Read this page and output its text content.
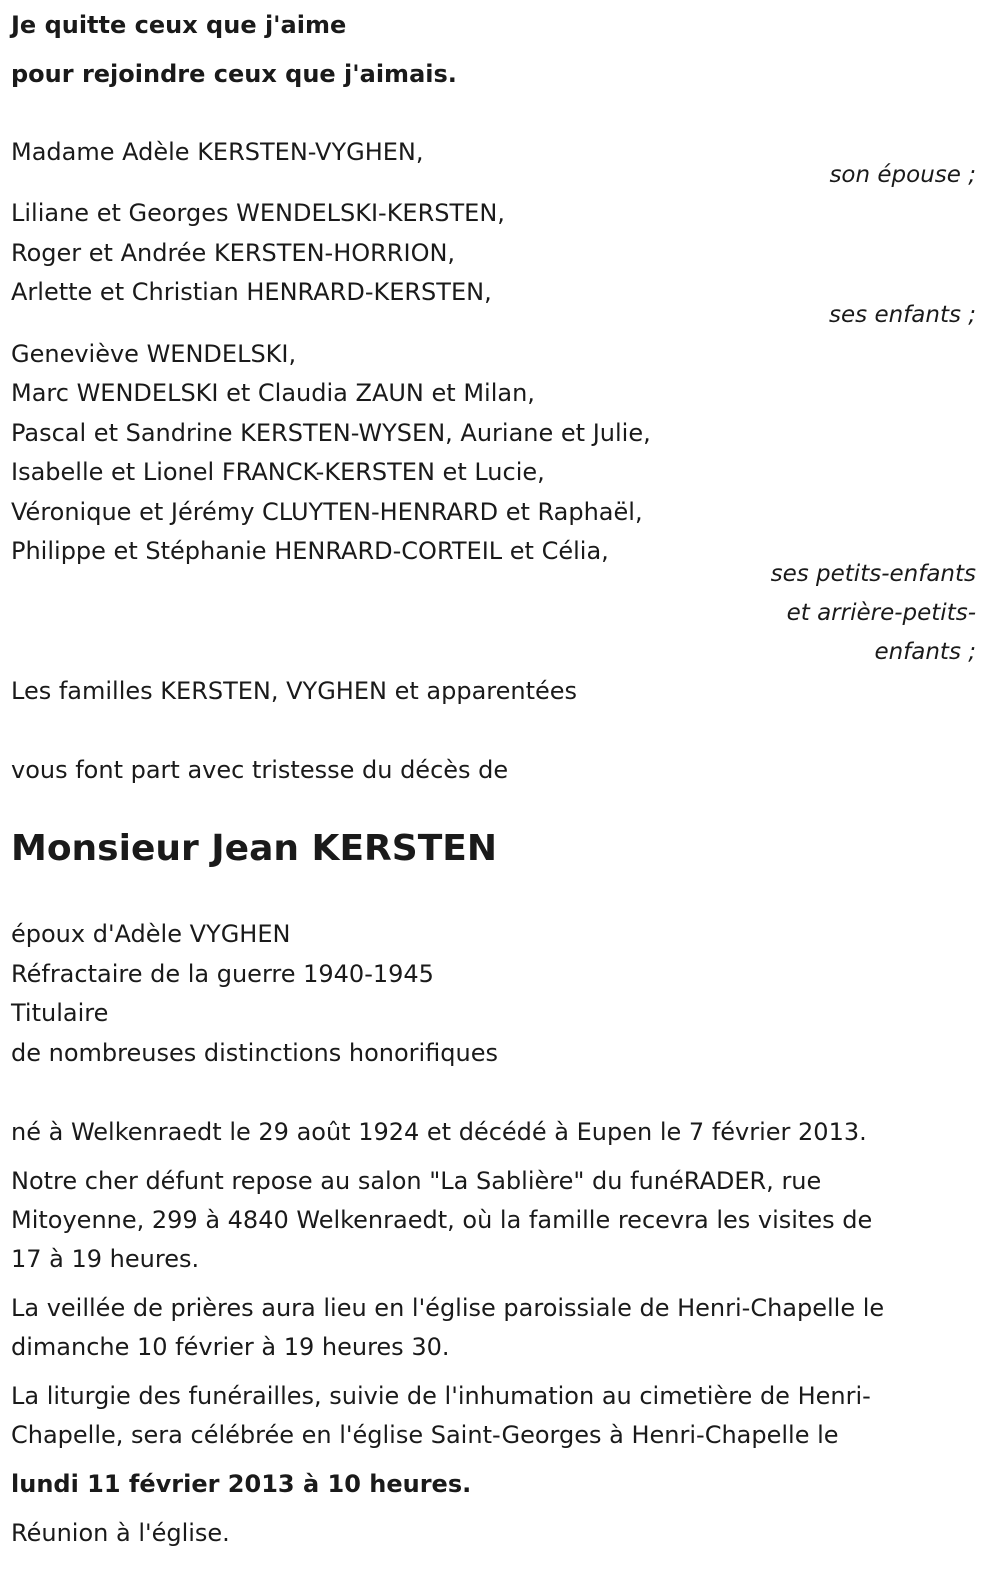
Je quitte ceux que j'aime
pour rejoindre ceux que j'aimais.
Madame Adèle KERSTEN-VYGHEN,
son épouse ;
Liliane et Georges WENDELSKI-KERSTEN,
Roger et Andrée KERSTEN-HORRION,
Arlette et Christian HENRARD-KERSTEN,
ses enfants ;
Geneviève WENDELSKI,
Marc WENDELSKI et Claudia ZAUN et Milan,
Pascal et Sandrine KERSTEN-WYSEN, Auriane et Julie,
Isabelle et Lionel FRANCK-KERSTEN et Lucie,
Véronique et Jérémy CLUYTEN-HENRARD et Raphaël,
Philippe et Stéphanie HENRARD-CORTEIL et Célia,
ses petits-enfants
et arrière-petits-
enfants ;
Les familles KERSTEN, VYGHEN et apparentées
vous font part avec tristesse du décès de
Monsieur Jean KERSTEN
époux d'Adèle VYGHEN
Réfractaire de la guerre 1940-1945
Titulaire
de nombreuses distinctions honorifiques
né à Welkenraedt le 29 août 1924 et décédé à Eupen le 7 février 2013.
Notre cher défunt repose au salon "La Sablière" du funéRADER, rue
Mitoyenne, 299 à 4840 Welkenraedt, où la famille recevra les visites de
17 à 19 heures.
La veillée de prières aura lieu en l'église paroissiale de Henri-Chapelle le
dimanche 10 février à 19 heures 30.
La liturgie des funérailles, suivie de l'inhumation au cimetière de Henri-
Chapelle, sera célébrée en l'église Saint-Georges à Henri-Chapelle le
lundi 11 février 2013 à 10 heures.
Réunion à l'église.
